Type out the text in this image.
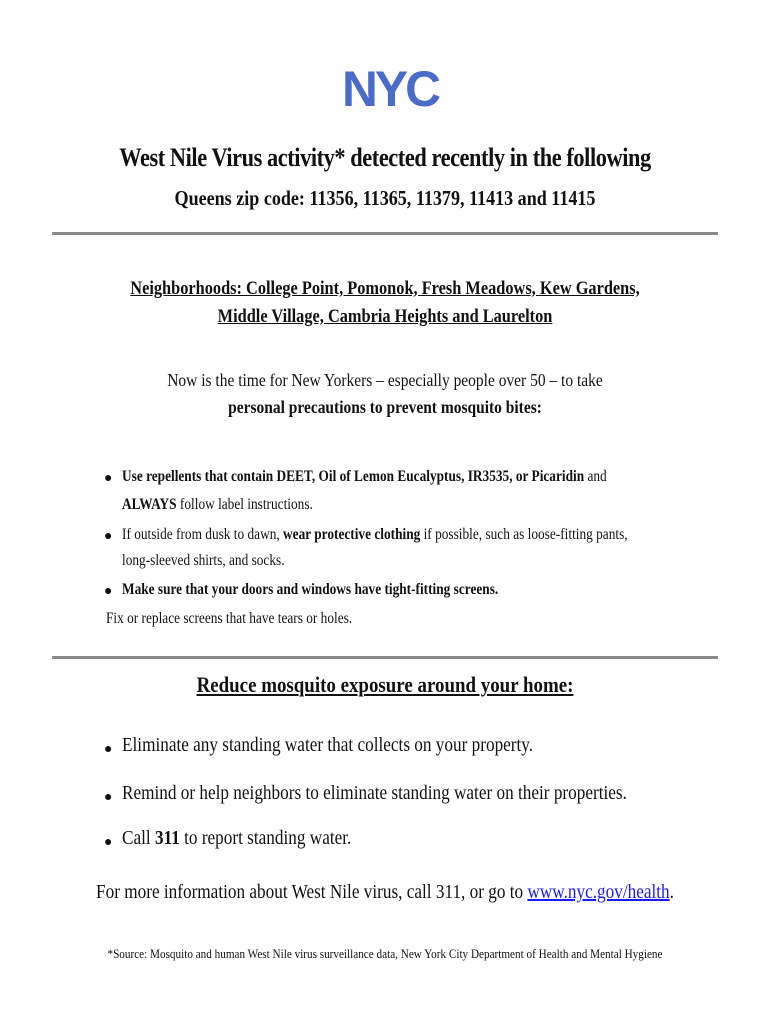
NYC
West Nile Virus activity* detected recently in the following
Queens zip code: 11356, 11365, 11379, 11413 and 11415
Neighborhoods: College Point, Pomonok, Fresh Meadows, Kew Gardens,
Middle Village, Cambria Heights and Laurelton
Now is the time for New Yorkers – especially people over 50 – to take
personal precautions to prevent mosquito bites:
● Use repellents that contain DEET, Oil of Lemon Eucalyptus, IR3535, or Picaridin and
ALWAYS follow label instructions.
● If outside from dusk to dawn, wear protective clothing if possible, such as loose-fitting pants,
long-sleeved shirts, and socks.
● Make sure that your doors and windows have tight-fitting screens.
Fix or replace screens that have tears or holes.
Reduce mosquito exposure around your home:
● Eliminate any standing water that collects on your property.
● Remind or help neighbors to eliminate standing water on their properties.
● Call 311 to report standing water.
For more information about West Nile virus, call 311, or go to www.nyc.gov/health.
*Source: Mosquito and human West Nile virus surveillance data, New York City Department of Health and Mental Hygiene
